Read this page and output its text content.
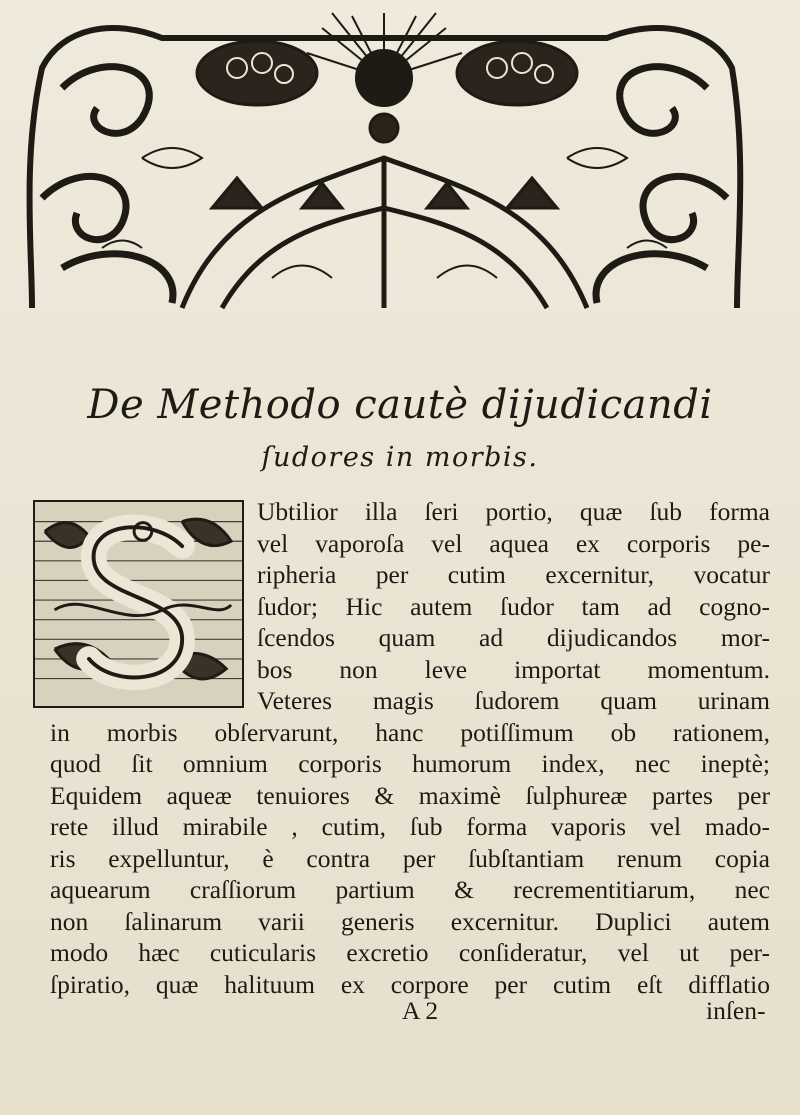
De Methodo cautè dijudicandi
ſudores in morbis.
Ubtilior illa ſeri portio, quæ ſub forma
vel vaporoſa vel aquea ex corporis pe-
ripheria per cutim excernitur, vocatur
ſudor; Hic autem ſudor tam ad cogno-
ſcendos quam ad dijudicandos mor-
bos non leve importat momentum.
Veteres magis ſudorem quam urinam
in morbis obſervarunt, hanc potiſſimum ob rationem,
quod ſit omnium corporis humorum index, nec ineptè;
Equidem aqueæ tenuiores & maximè ſulphureæ partes per
rete illud mirabile , cutim, ſub forma vaporis vel mado-
ris expelluntur, è contra per ſubſtantiam renum copia
aquearum craſſiorum partium & recrementitiarum, nec
non ſalinarum varii generis excernitur. Duplici autem
modo hæc cuticularis excretio conſideratur, vel ut per-
ſpiratio, quæ halituum ex corpore per cutim eſt difflatio
A 2	inſen-
